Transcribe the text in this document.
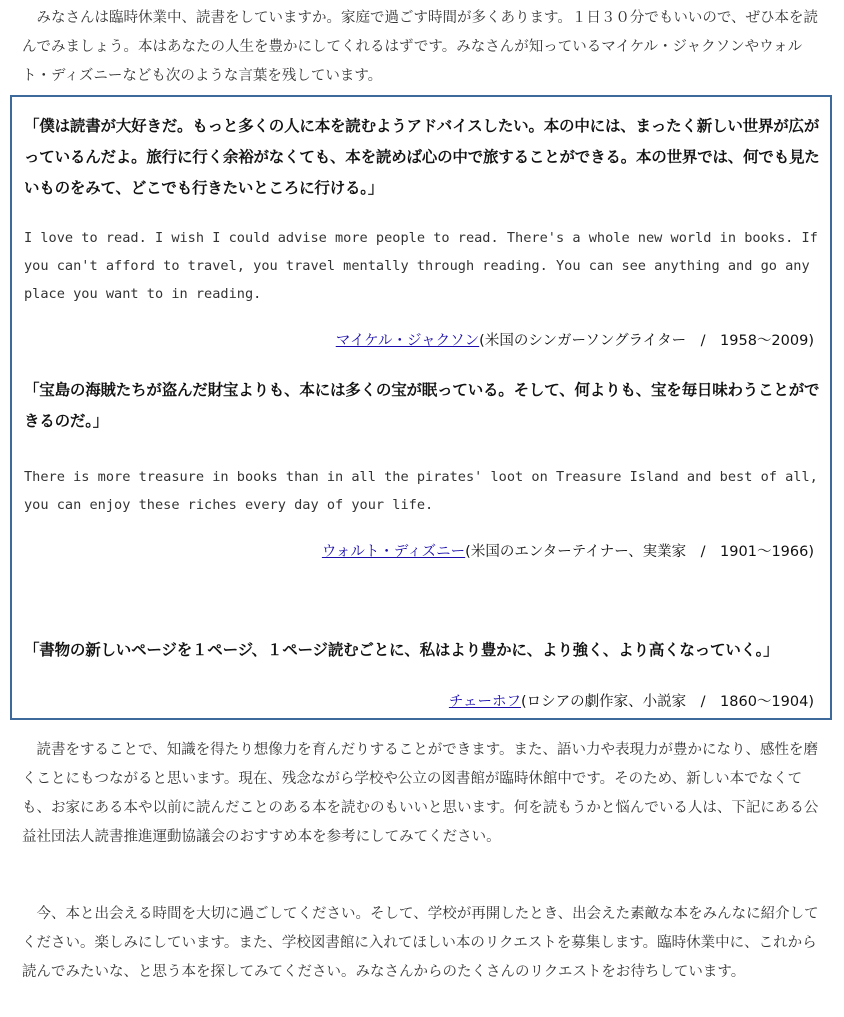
　みなさんは臨時休業中、読書をしていますか。家庭で過ごす時間が多くあります。１日３０分でもいいので、ぜひ本を読んでみましょう。本はあなたの人生を豊かにしてくれるはずです。みなさんが知っているマイケル・ジャクソンやウォルト・ディズニーなども次のような言葉を残しています。

「僕は読書が大好きだ。もっと多くの人に本を読むようアドバイスしたい。本の中には、まったく新しい世界が広がっているんだよ。旅行に行く余裕がなくても、本を読めば心の中で旅することができる。本の世界では、何でも見たいものをみて、どこでも行きたいところに行ける。」

I love to read. I wish I could advise more people to read. There's a whole new world in books. If you can't afford to travel, you travel mentally through reading. You can see anything and go any place you want to in reading.

マイケル・ジャクソン(米国のシンガーソングライター　/　1958～2009)

「宝島の海賊たちが盗んだ財宝よりも、本には多くの宝が眠っている。そして、何よりも、宝を毎日味わうことができるのだ。」

There is more treasure in books than in all the pirates' loot on Treasure Island and best of all, you can enjoy these riches every day of your life.

ウォルト・ディズニー(米国のエンターテイナー、実業家　/　1901～1966)

「書物の新しいページを１ページ、１ページ読むごとに、私はより豊かに、より強く、より高くなっていく。」

チェーホフ(ロシアの劇作家、小説家　/　1860～1904)

　読書をすることで、知識を得たり想像力を育んだりすることができます。また、語い力や表現力が豊かになり、感性を磨くことにもつながると思います。現在、残念ながら学校や公立の図書館が臨時休館中です。そのため、新しい本でなくても、お家にある本や以前に読んだことのある本を読むのもいいと思います。何を読もうかと悩んでいる人は、下記にある公益社団法人読書推進運動協議会のおすすめ本を参考にしてみてください。

　今、本と出会える時間を大切に過ごしてください。そして、学校が再開したとき、出会えた素敵な本をみんなに紹介してください。楽しみにしています。また、学校図書館に入れてほしい本のリクエストを募集します。臨時休業中に、これから読んでみたいな、と思う本を探してみてください。みなさんからのたくさんのリクエストをお待ちしています。
